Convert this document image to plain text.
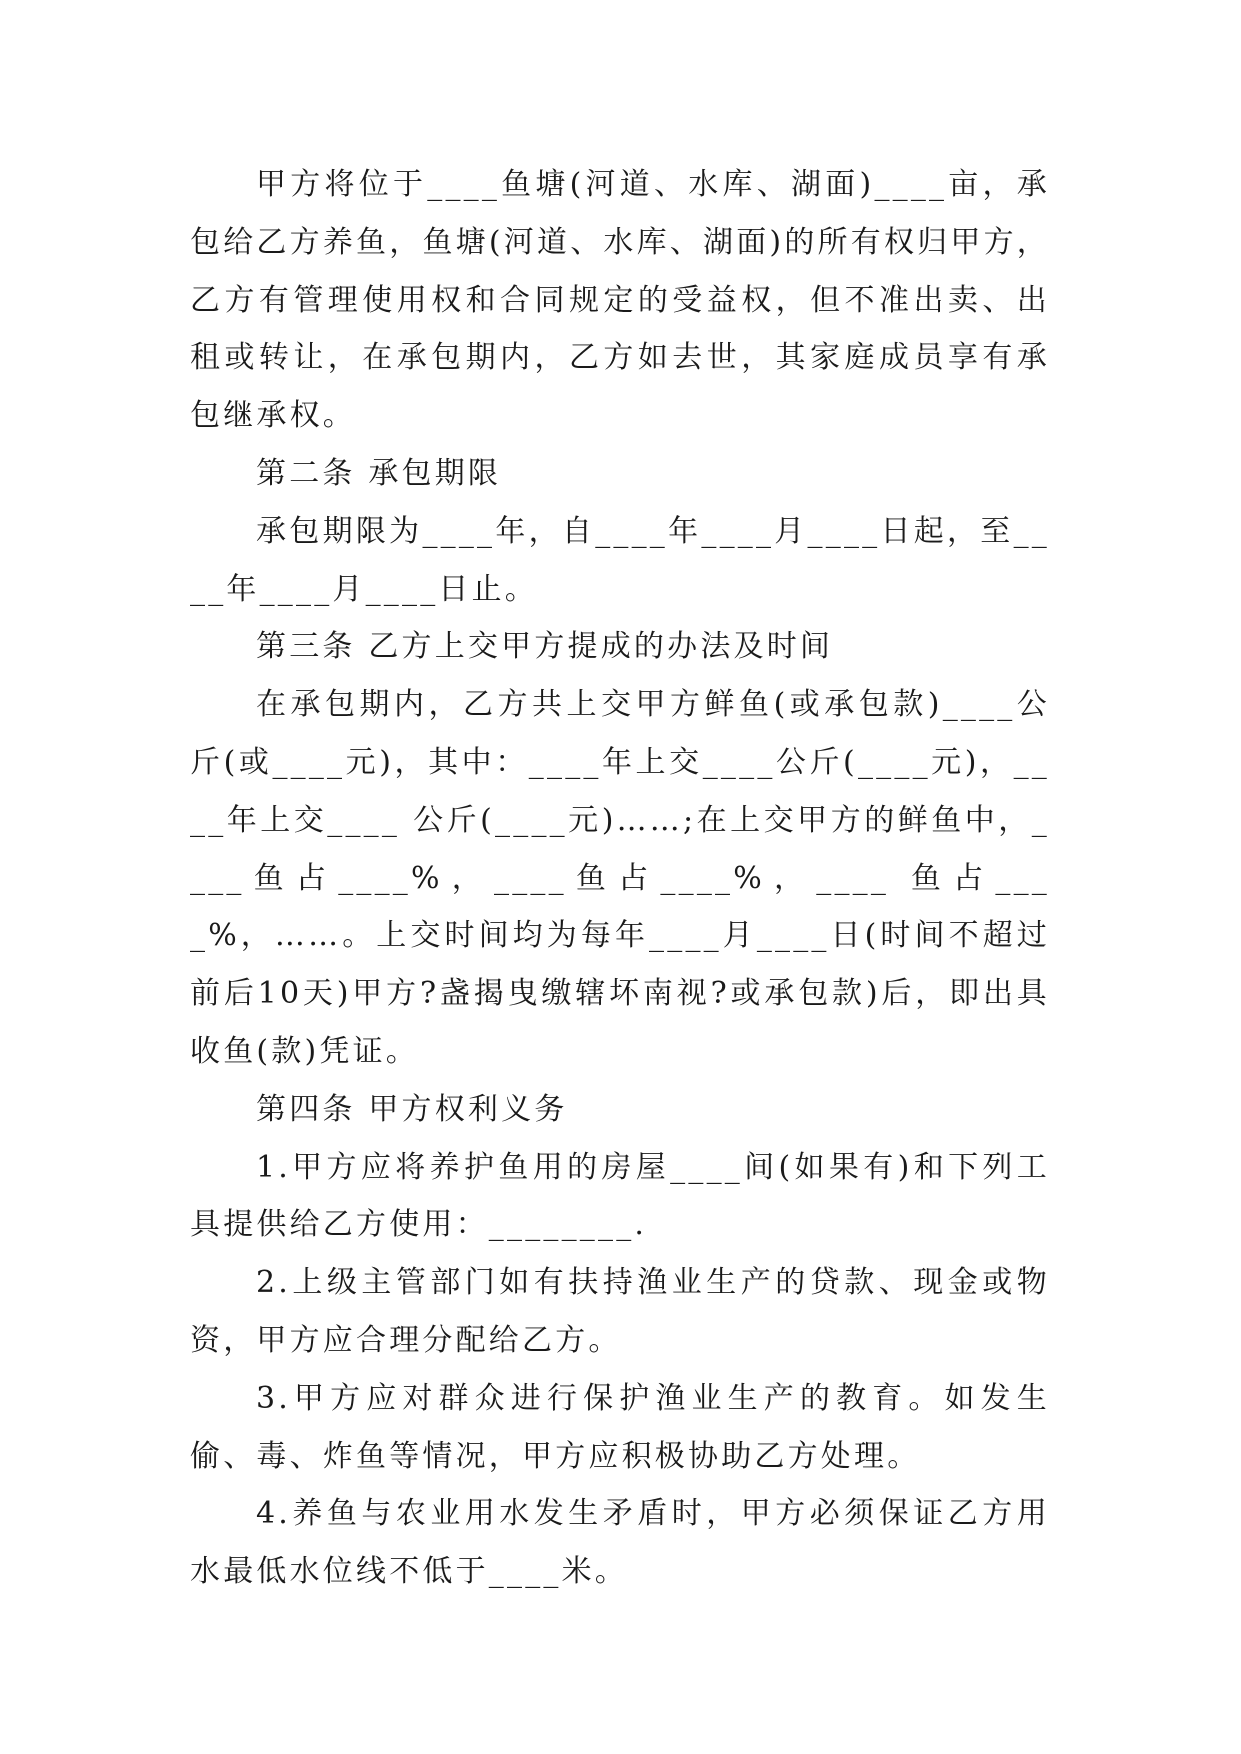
甲方将位于____鱼塘(河道、水库、湖面)____亩，承包给乙方养鱼，鱼塘(河道、水库、湖面)的所有权归甲方，乙方有管理使用权和合同规定的受益权，但不准出卖、出租或转让，在承包期内，乙方如去世，其家庭成员享有承包继承权。

第二条 承包期限

承包期限为____年，自____年____月____日起，至____年____月____日止。

第三条 乙方上交甲方提成的办法及时间

在承包期内，乙方共上交甲方鲜鱼(或承包款)____公斤(或____元)，其中：____年上交____公斤(____元)，____年上交____ 公斤(____元)……;在上交甲方的鲜鱼中，____鱼占____%，____鱼占____%，____ 鱼占____%，……。上交时间均为每年____月____日(时间不超过前后10天)甲方?盏揭曳缴辖坏南视?或承包款)后，即出具收鱼(款)凭证。

第四条 甲方权利义务

1.甲方应将养护鱼用的房屋____间(如果有)和下列工具提供给乙方使用：________.

2.上级主管部门如有扶持渔业生产的贷款、现金或物资，甲方应合理分配给乙方。

3.甲方应对群众进行保护渔业生产的教育。如发生偷、毒、炸鱼等情况，甲方应积极协助乙方处理。

4.养鱼与农业用水发生矛盾时，甲方必须保证乙方用水最低水位线不低于____米。
